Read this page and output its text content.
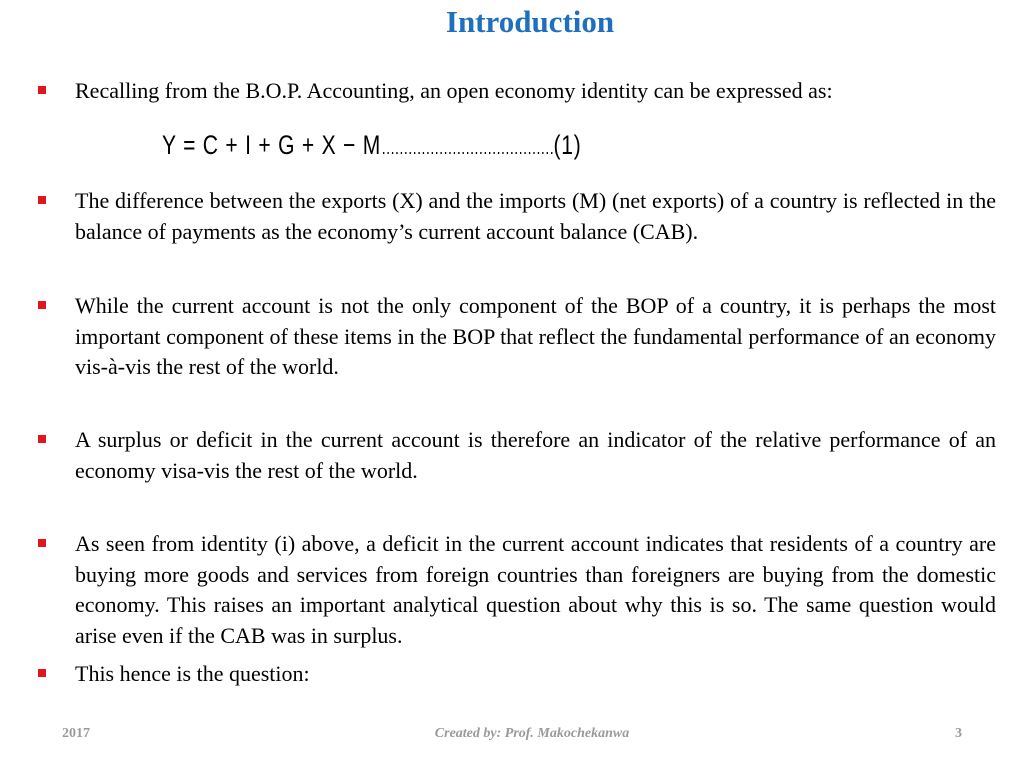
Introduction
Recalling from the B.O.P. Accounting, an open economy identity can be expressed as:
Y = C + I + G + X − M…………………………………(1)
The difference between the exports (X) and the imports (M) (net exports) of a country is reflected in the balance of payments as the economy’s current account balance (CAB).
While the current account is not the only component of the BOP of a country, it is perhaps the most important component of these items in the BOP that reflect the fundamental performance of an economy vis-à-vis the rest of the world.
A surplus or deficit in the current account is therefore an indicator of the relative performance of an economy visa-vis the rest of the world.
As seen from identity (i) above, a deficit in the current account indicates that residents of a country are buying more goods and services from foreign countries than foreigners are buying from the domestic economy. This raises an important analytical question about why this is so. The same question would arise even if the CAB was in surplus.
This hence is the question:
2017	Created by: Prof. Makochekanwa	3
